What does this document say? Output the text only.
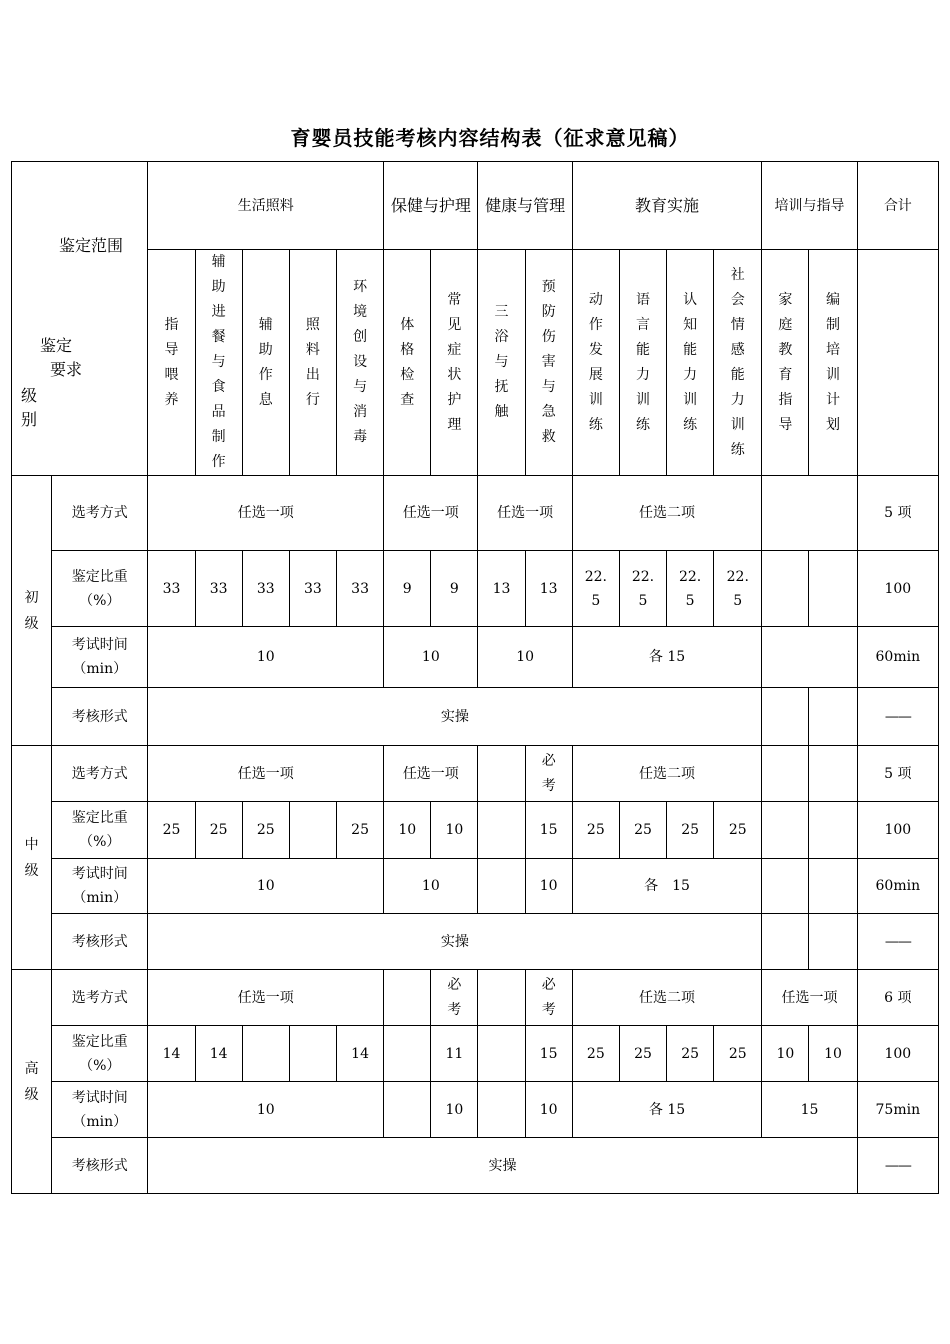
育婴员技能考核内容结构表（征求意见稿）
鉴定范围
鉴定
要求
级别		生活照料					保健与护理		健康与管理		教育实施				培训与指导		合计
		指导喂养	辅助进餐与食品制作	辅助作息	照料出行	环境创设与消毒	体格检查	常见症状护理	三浴与抚触	预防伤害与急救	动作发展训练	语言能力训练	认知能力训练	社会情感能力训练	家庭教育指导	编制培训计划	
初级	选考方式	任选一项					任选一项		任选一项		任选二项						5 项
	鉴定比重
（%）	33	33	33	33	33	9	9	13	13	22.5	22.5	22.5	22.5			100
	考试时间
（min）	10					10		10		各 15						60min
	考核形式	实操															——
中级	选考方式	任选一项					任选一项			必考	任选二项						5 项
	鉴定比重
（%）	25	25	25		25	10	10		15	25	25	25	25			100
	考试时间
（min）	10					10			10	各　15						60min
	考核形式	实操															——
高级	选考方式	任选一项						必考		必考	任选二项				任选一项		6 项
	鉴定比重
（%）	14	14			14		11		15	25	25	25	25	10	10	100
	考试时间
（min）	10						10		10	各 15				15		75min
	考核形式	实操															——
